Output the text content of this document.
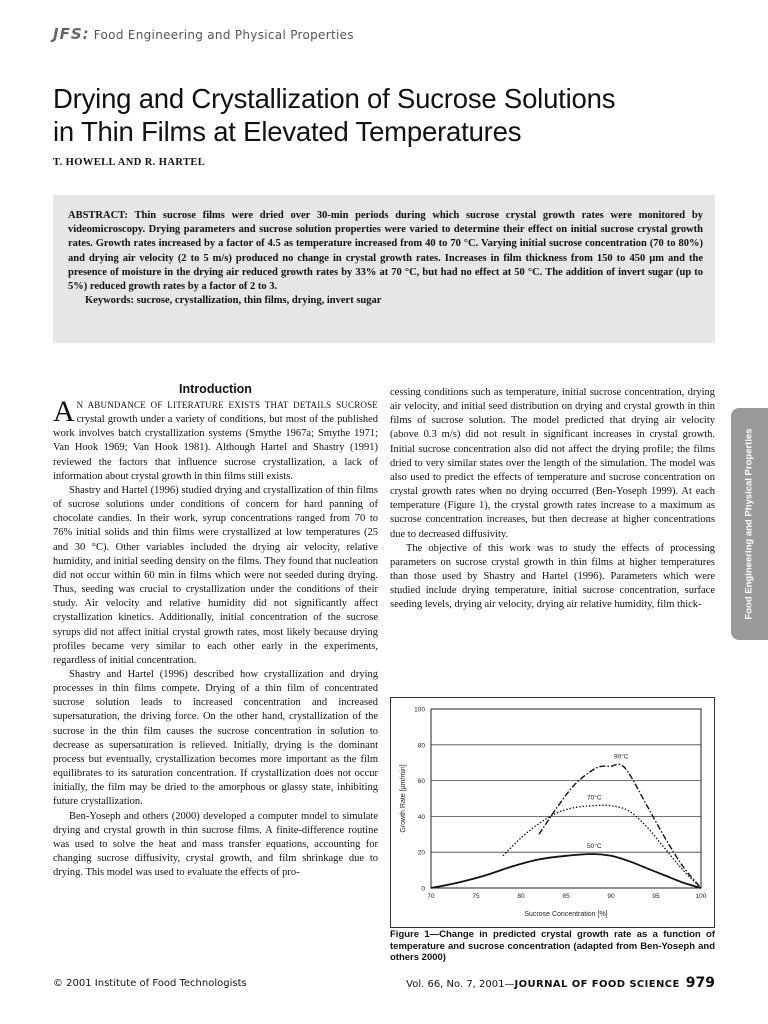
JFS: Food Engineering and Physical Properties
Drying and Crystallization of Sucrose Solutions
in Thin Films at Elevated Temperatures
T. HOWELL AND R. HARTEL

ABSTRACT: Thin sucrose films were dried over 30-min periods during which sucrose crystal growth rates were monitored by videomicroscopy. Drying parameters and sucrose solution properties were varied to determine their effect on initial sucrose crystal growth rates. Growth rates increased by a factor of 4.5 as temperature increased from 40 to 70 °C. Varying initial sucrose concentration (70 to 80%) and drying air velocity (2 to 5 m/s) produced no change in crystal growth rates. Increases in film thickness from 150 to 450 µm and the presence of moisture in the drying air reduced growth rates by 33% at 70 °C, but had no effect at 50 °C. The addition of invert sugar (up to 5%) reduced growth rates by a factor of 2 to 3.

Keywords: sucrose, crystallization, thin films, drying, invert sugar

Introduction

A N ABUNDANCE OF LITERATURE EXISTS THAT DETAILS SUCROSE crystal growth under a variety of conditions, but most of the published work involves batch crystallization systems (Smythe 1967a; Smythe 1971; Van Hook 1969; Van Hook 1981). Although Hartel and Shastry (1991) reviewed the factors that influence sucrose crystallization, a lack of information about crystal growth in thin films still exists.

Shastry and Hartel (1996) studied drying and crystallization of thin films of sucrose solutions under conditions of concern for hard panning of chocolate candies. In their work, syrup concentrations ranged from 70 to 76% initial solids and thin films were crystallized at low temperatures (25 and 30 °C). Other variables included the drying air velocity, relative humidity, and initial seeding density on the films. They found that nucleation did not occur within 60 min in films which were not seeded during drying. Thus, seeding was crucial to crystallization under the conditions of their study. Air velocity and relative humidity did not significantly affect crystallization kinetics. Additionally, initial concentration of the sucrose syrups did not affect initial crystal growth rates, most likely because drying profiles became very similar to each other early in the experiments, regardless of initial concentration.

Shastry and Hartel (1996) described how crystallization and drying processes in thin films compete. Drying of a thin film of concentrated sucrose solution leads to increased concentration and increased supersaturation, the driving force. On the other hand, crystallization of the sucrose in the thin film causes the sucrose concentration in solution to decrease as supersaturation is relieved. Initially, drying is the dominant process but eventually, crystallization becomes more important as the film equilibrates to its saturation concentration. If crystallization does not occur initially, the film may be dried to the amorphous or glassy state, inhibiting future crystallization.

Ben-Yoseph and others (2000) developed a computer model to simulate drying and crystal growth in thin sucrose films. A finite-difference routine was used to solve the heat and mass transfer equations, accounting for changing sucrose diffusivity, crystal growth, and film shrinkage due to drying. This model was used to evaluate the effects of pro-

cessing conditions such as temperature, initial sucrose concentration, drying air velocity, and initial seed distribution on drying and crystal growth in thin films of sucrose solution. The model predicted that drying air velocity (above 0.3 m/s) did not result in significant increases in crystal growth. Initial sucrose concentration also did not affect the drying profile; the films dried to very similar states over the length of the simulation. The model was also used to predict the effects of temperature and sucrose concentration on crystal growth rates when no drying occurred (Ben-Yoseph 1999). At each temperature (Figure 1), the crystal growth rates increase to a maximum as sucrose concentration increases, but then decrease at higher concentrations due to decreased diffusivity.

The objective of this work was to study the effects of processing parameters on sucrose crystal growth in thin films at higher temperatures than those used by Shastry and Hartel (1996). Parameters which were studied include drying temperature, initial sucrose concentration, surface seeding levels, drying air velocity, drying air relative humidity, film thick-	Food Engineering and Physical Properties
0
20
40
60
80
100
70	75	80	85	90	95	100
Sucrose Concentration [%]
Growth Rate [µm/min]
90°C
70°C
50°C
Figure 1—Change in predicted crystal growth rate as a function of temperature and sucrose concentration (adapted from Ben-Yoseph and others 2000)
© 2001 Institute of Food Technologists	Vol. 66, No. 7, 2001—JOURNAL OF FOOD SCIENCE 979
